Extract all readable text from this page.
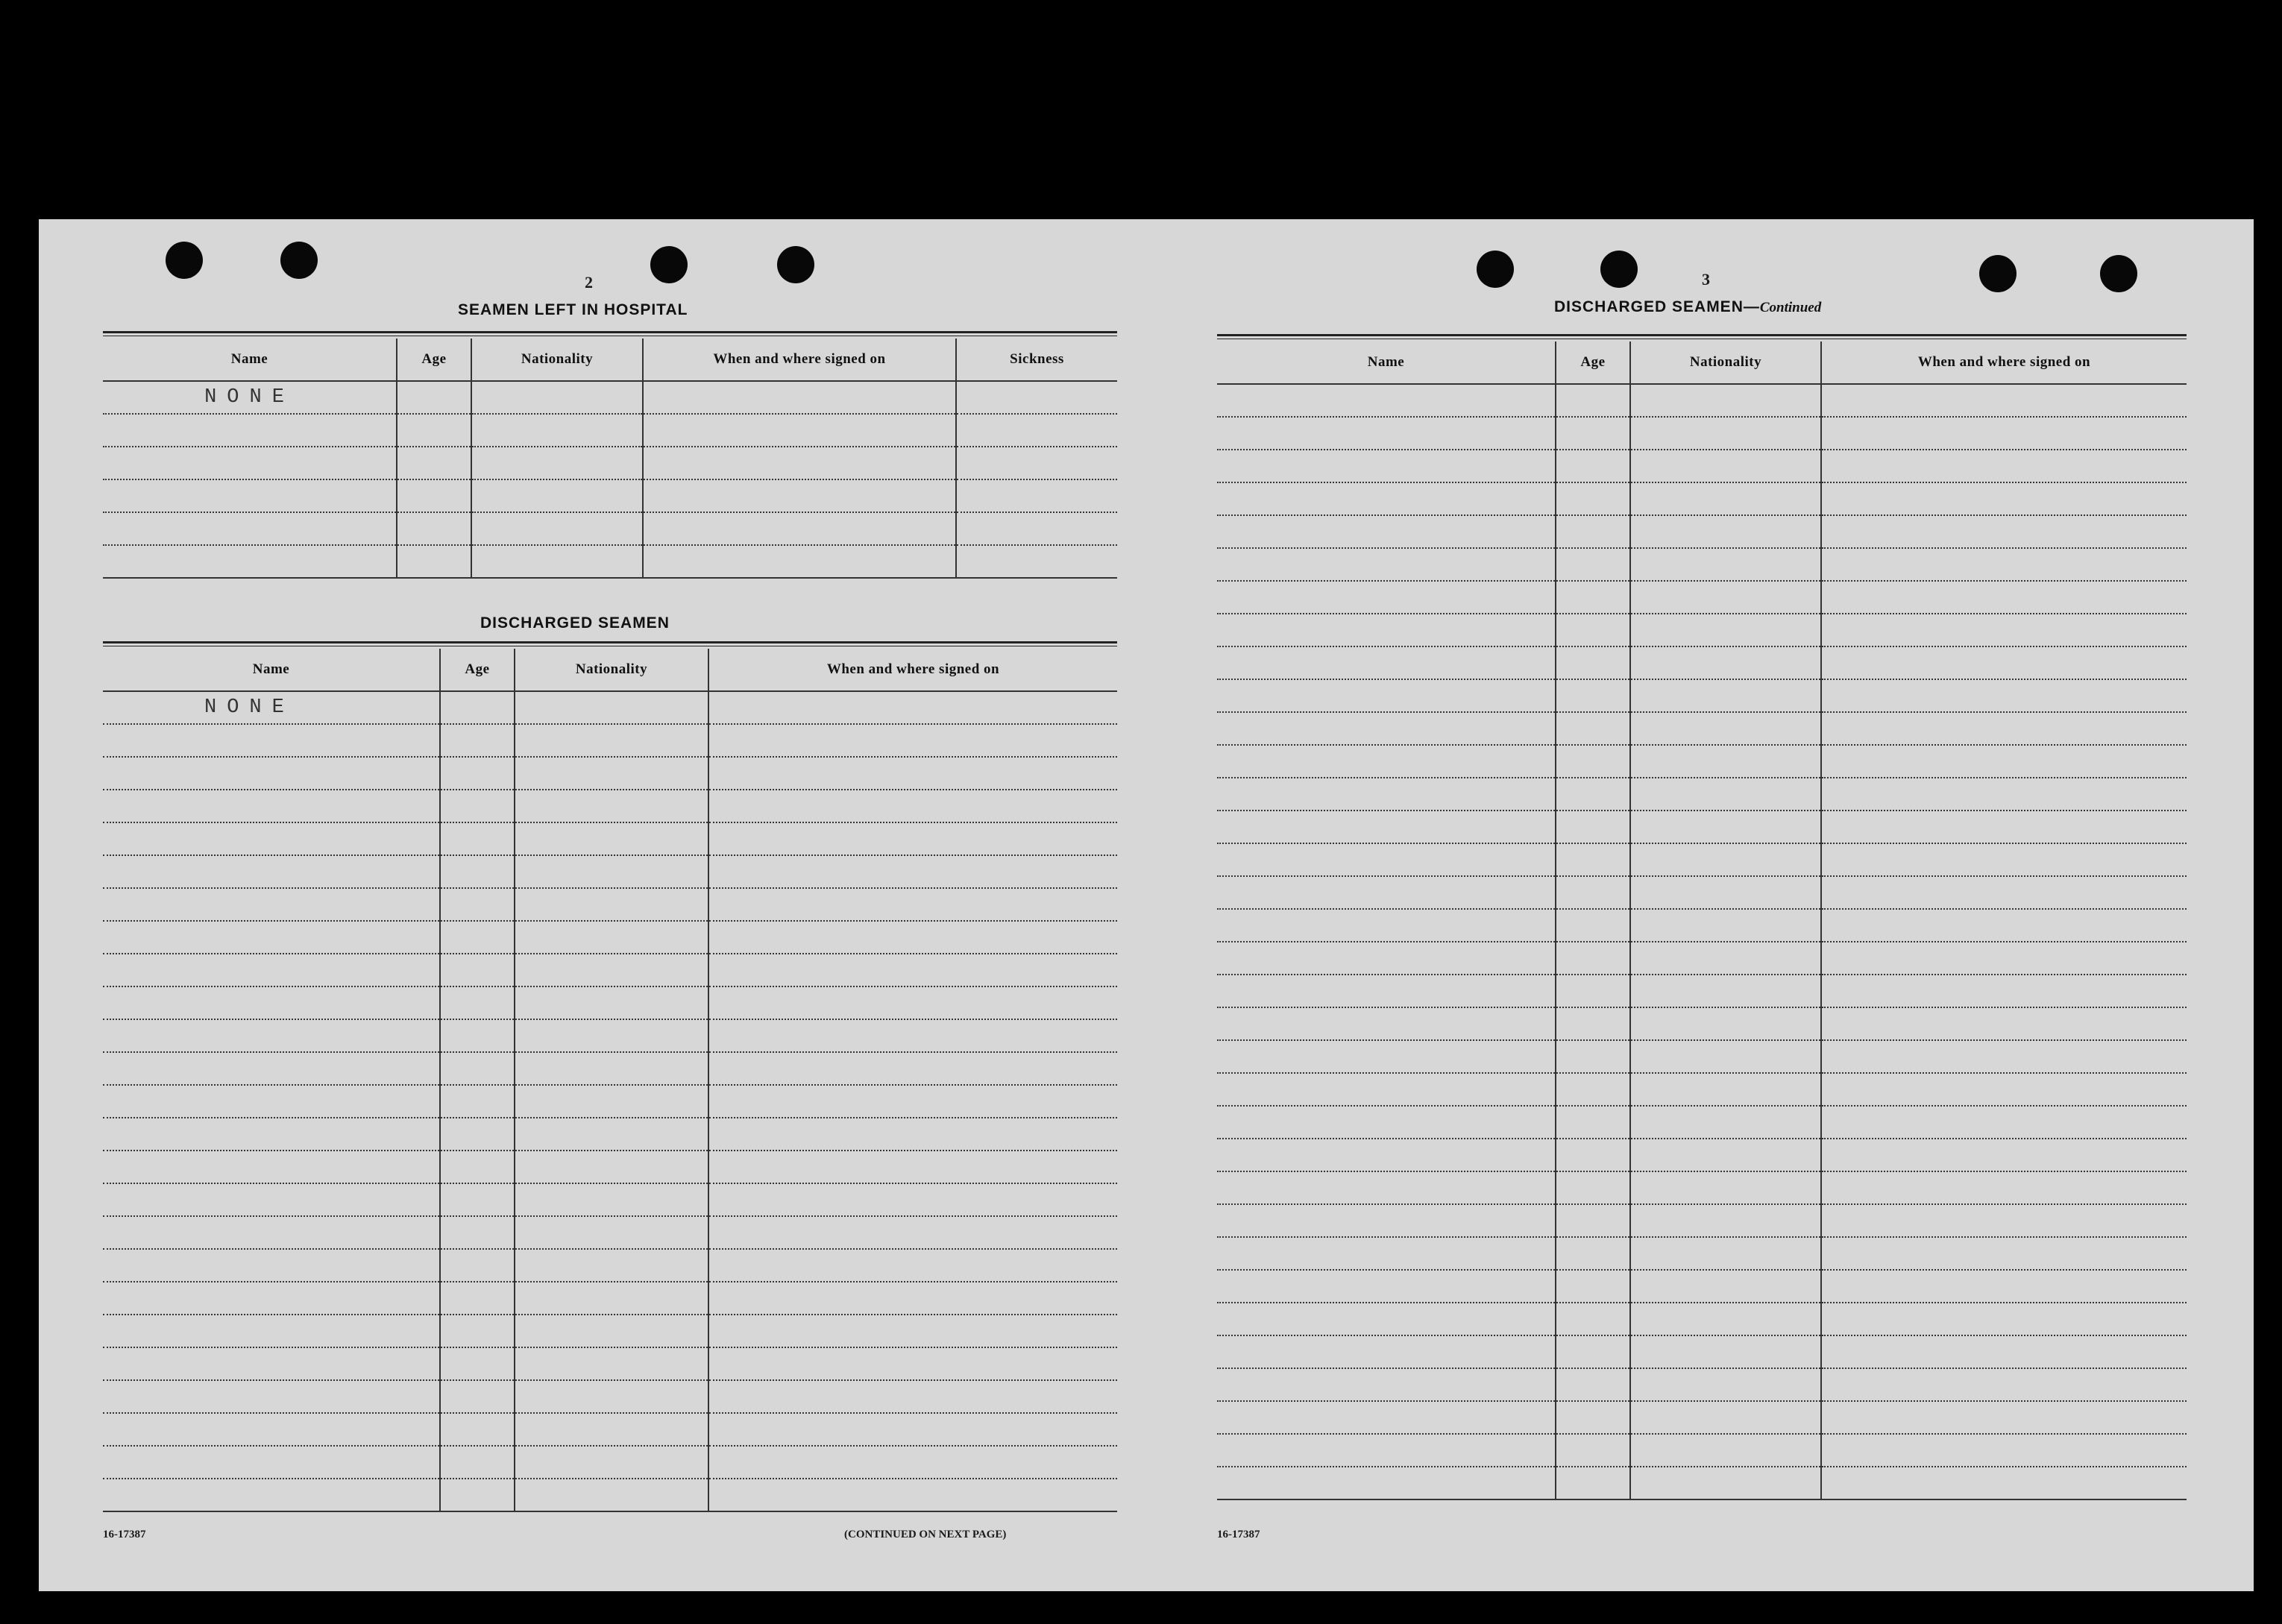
2
SEAMEN LEFT IN HOSPITAL
Name	Age	Nationality	When and where signed on	Sickness
NONE				

DISCHARGED SEAMEN
Name	Age	Nationality	When and where signed on
NONE			

16-17387	(CONTINUED ON NEXT PAGE)
3
DISCHARGED SEAMEN—Continued
Name	Age	Nationality	When and where signed on

16-17387
